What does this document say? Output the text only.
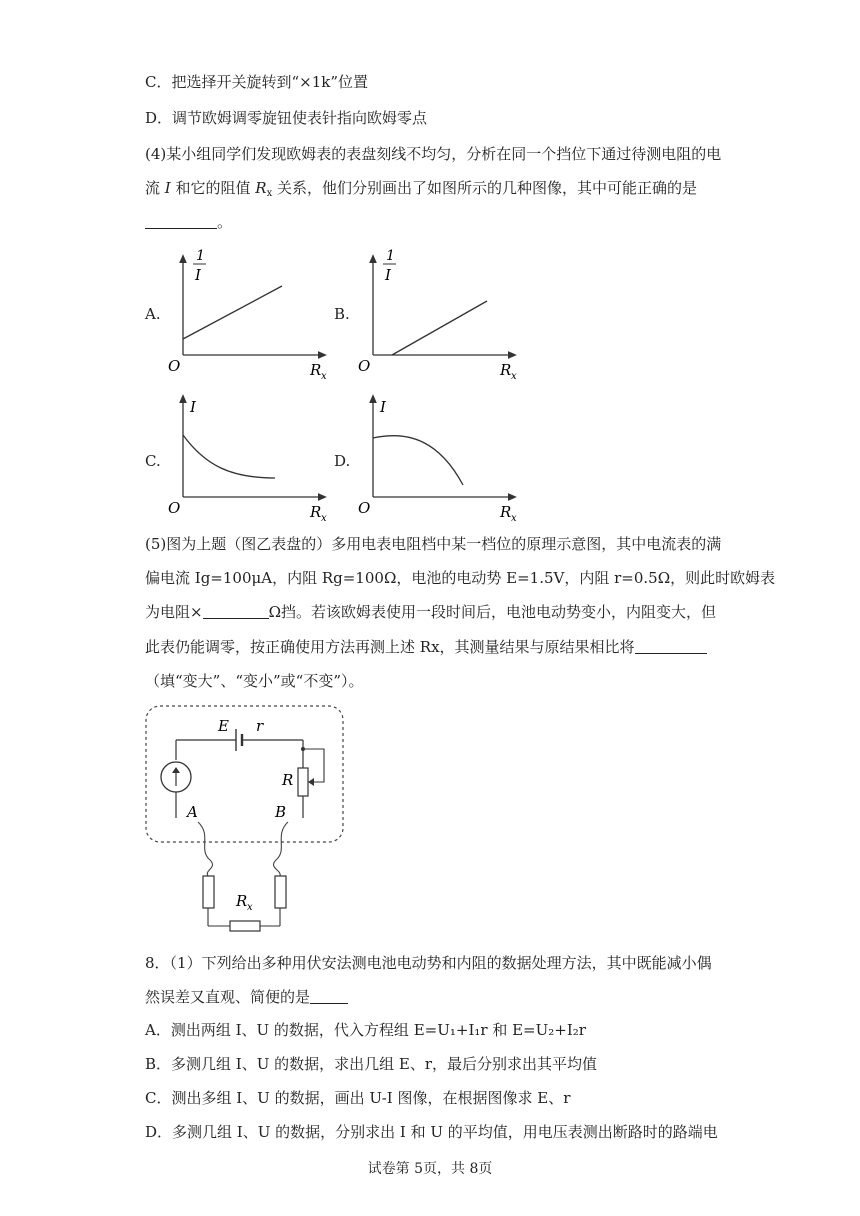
C．把选择开关旋转到“×1k”位置
D．调节欧姆调零旋钮使表针指向欧姆零点
(4)某小组同学们发现欧姆表的表盘刻线不均匀，分析在同一个挡位下通过待测电阻的电
流 I 和它的阻值 $R_x$ 关系，他们分别画出了如图所示的几种图像，其中可能正确的是
。
A.	B.
C.	D.
1
I
O	R x
1
I
O	R x
I
O	R x
I
O	R x
(5)图为上题（图乙表盘的）多用电表电阻档中某一档位的原理示意图，其中电流表的满
偏电流 Ig=100μA，内阻 Rg=100Ω，电池的电动势 E=1.5V，内阻 r=0.5Ω，则此时欧姆表
为电阻×	Ω挡。若该欧姆表使用一段时间后，电池电动势变小，内阻变大，但
此表仍能调零，按正确使用方法再测上述 Rx，其测量结果与原结果相比将
（填“变大”、“变小”或“不变”）。
E r
A
R
B
R x
8．（1）下列给出多种用伏安法测电池电动势和内阻的数据处理方法，其中既能减小偶
然误差又直观、简便的是
A．测出两组 I、U 的数据，代入方程组 E=U₁+I₁r 和 E=U₂+I₂r
B．多测几组 I、U 的数据，求出几组 E、r，最后分别求出其平均值
C．测出多组 I、U 的数据，画出 U-I 图像，在根据图像求 E、r
D．多测几组 I、U 的数据，分别求出 I 和 U 的平均值，用电压表测出断路时的路端电
试卷第 5页，共 8页
